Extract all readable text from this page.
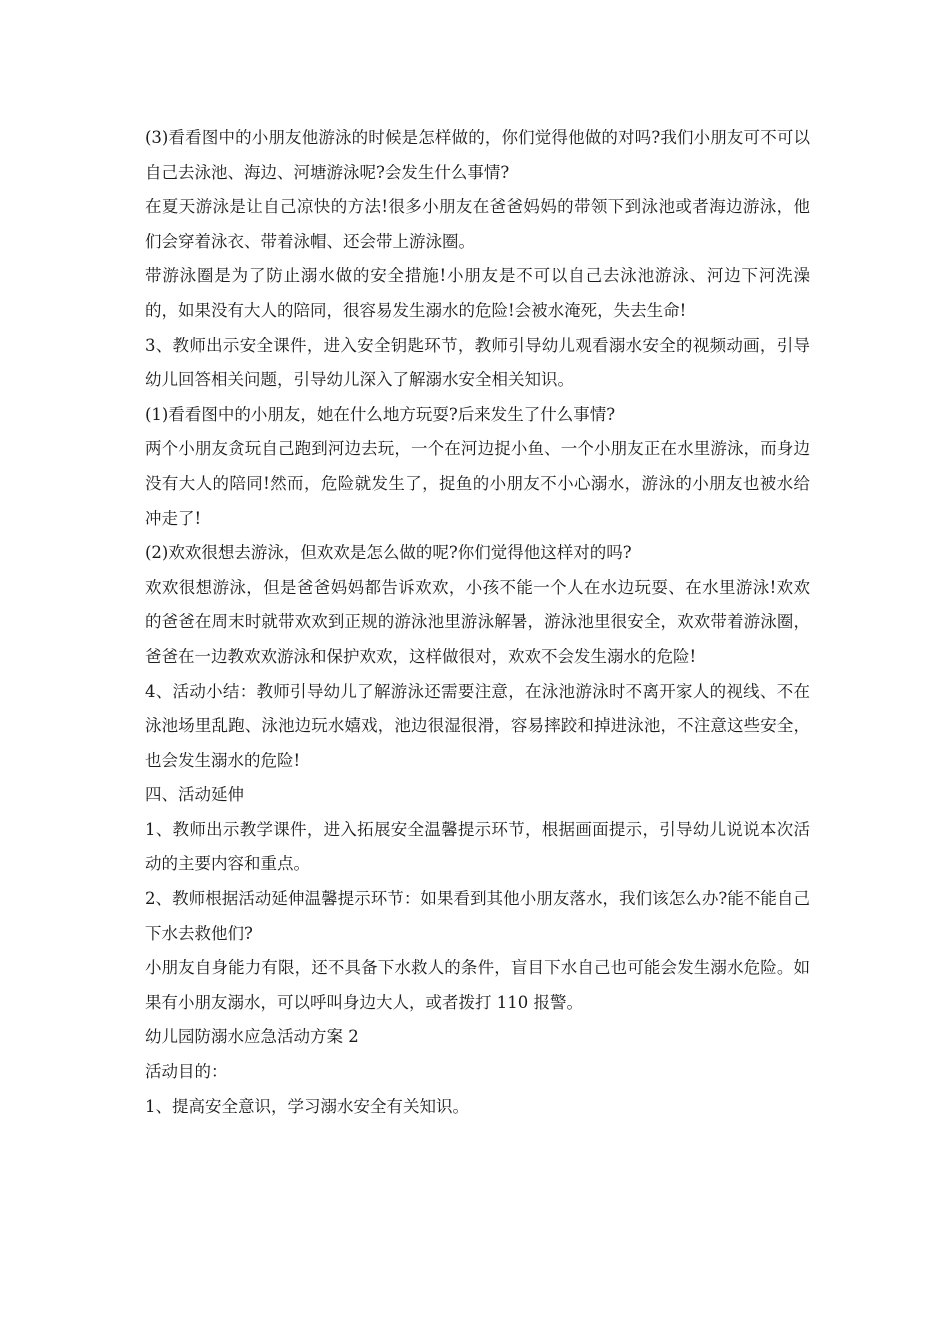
(3)看看图中的小朋友他游泳的时候是怎样做的，你们觉得他做的对吗?我们小朋友可不可以自己去泳池、海边、河塘游泳呢?会发生什么事情?

在夏天游泳是让自己凉快的方法!很多小朋友在爸爸妈妈的带领下到泳池或者海边游泳，他们会穿着泳衣、带着泳帽、还会带上游泳圈。

带游泳圈是为了防止溺水做的安全措施!小朋友是不可以自己去泳池游泳、河边下河洗澡的，如果没有大人的陪同，很容易发生溺水的危险!会被水淹死，失去生命!

3、教师出示安全课件，进入安全钥匙环节，教师引导幼儿观看溺水安全的视频动画，引导幼儿回答相关问题，引导幼儿深入了解溺水安全相关知识。

(1)看看图中的小朋友，她在什么地方玩耍?后来发生了什么事情?

两个小朋友贪玩自己跑到河边去玩，一个在河边捉小鱼、一个小朋友正在水里游泳，而身边没有大人的陪同!然而，危险就发生了，捉鱼的小朋友不小心溺水，游泳的小朋友也被水给冲走了!

(2)欢欢很想去游泳，但欢欢是怎么做的呢?你们觉得他这样对的吗?

欢欢很想游泳，但是爸爸妈妈都告诉欢欢，小孩不能一个人在水边玩耍、在水里游泳!欢欢的爸爸在周末时就带欢欢到正规的游泳池里游泳解暑，游泳池里很安全，欢欢带着游泳圈，爸爸在一边教欢欢游泳和保护欢欢，这样做很对，欢欢不会发生溺水的危险!

4、活动小结：教师引导幼儿了解游泳还需要注意，在泳池游泳时不离开家人的视线、不在泳池场里乱跑、泳池边玩水嬉戏，池边很湿很滑，容易摔跤和掉进泳池，不注意这些安全，也会发生溺水的危险!

四、活动延伸

1、教师出示教学课件，进入拓展安全温馨提示环节，根据画面提示，引导幼儿说说本次活动的主要内容和重点。

2、教师根据活动延伸温馨提示环节：如果看到其他小朋友落水，我们该怎么办?能不能自己下水去救他们?

小朋友自身能力有限，还不具备下水救人的条件，盲目下水自己也可能会发生溺水危险。如果有小朋友溺水，可以呼叫身边大人，或者拨打 110 报警。

幼儿园防溺水应急活动方案 2

活动目的：

1、提高安全意识，学习溺水安全有关知识。
